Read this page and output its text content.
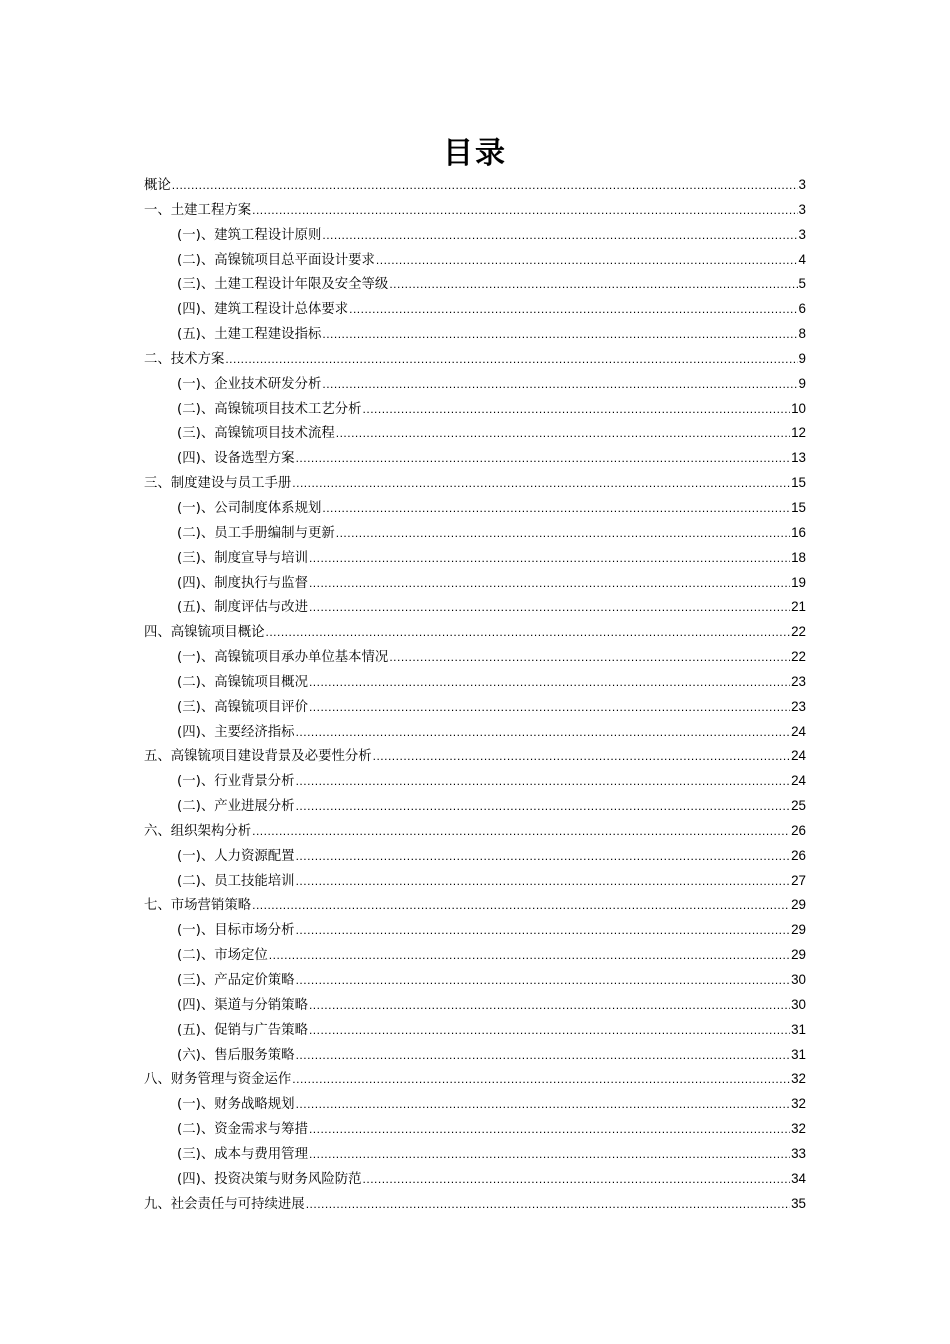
目录
概论 .....	3
一、土建工程方案 .....	3
(一)、建筑工程设计原则 .....	3
(二)、高镍锍项目总平面设计要求 .....	4
(三)、土建工程设计年限及安全等级 .....	5
(四)、建筑工程设计总体要求 .....	6
(五)、土建工程建设指标 .....	8
二、技术方案 .....	9
(一)、企业技术研发分析 .....	9
(二)、高镍锍项目技术工艺分析 .....	10
(三)、高镍锍项目技术流程 .....	12
(四)、设备选型方案 .....	13
三、制度建设与员工手册 .....	15
(一)、公司制度体系规划 .....	15
(二)、员工手册编制与更新 .....	16
(三)、制度宣导与培训 .....	18
(四)、制度执行与监督 .....	19
(五)、制度评估与改进 .....	21
四、高镍锍项目概论 .....	22
(一)、高镍锍项目承办单位基本情况 .....	22
(二)、高镍锍项目概况 .....	23
(三)、高镍锍项目评价 .....	23
(四)、主要经济指标 .....	24
五、高镍锍项目建设背景及必要性分析 .....	24
(一)、行业背景分析 .....	24
(二)、产业进展分析 .....	25
六、组织架构分析 .....	26
(一)、人力资源配置 .....	26
(二)、员工技能培训 .....	27
七、市场营销策略 .....	29
(一)、目标市场分析 .....	29
(二)、市场定位 .....	29
(三)、产品定价策略 .....	30
(四)、渠道与分销策略 .....	30
(五)、促销与广告策略 .....	31
(六)、售后服务策略 .....	31
八、财务管理与资金运作 .....	32
(一)、财务战略规划 .....	32
(二)、资金需求与筹措 .....	32
(三)、成本与费用管理 .....	33
(四)、投资决策与财务风险防范 .....	34
九、社会责任与可持续进展 .....	35
